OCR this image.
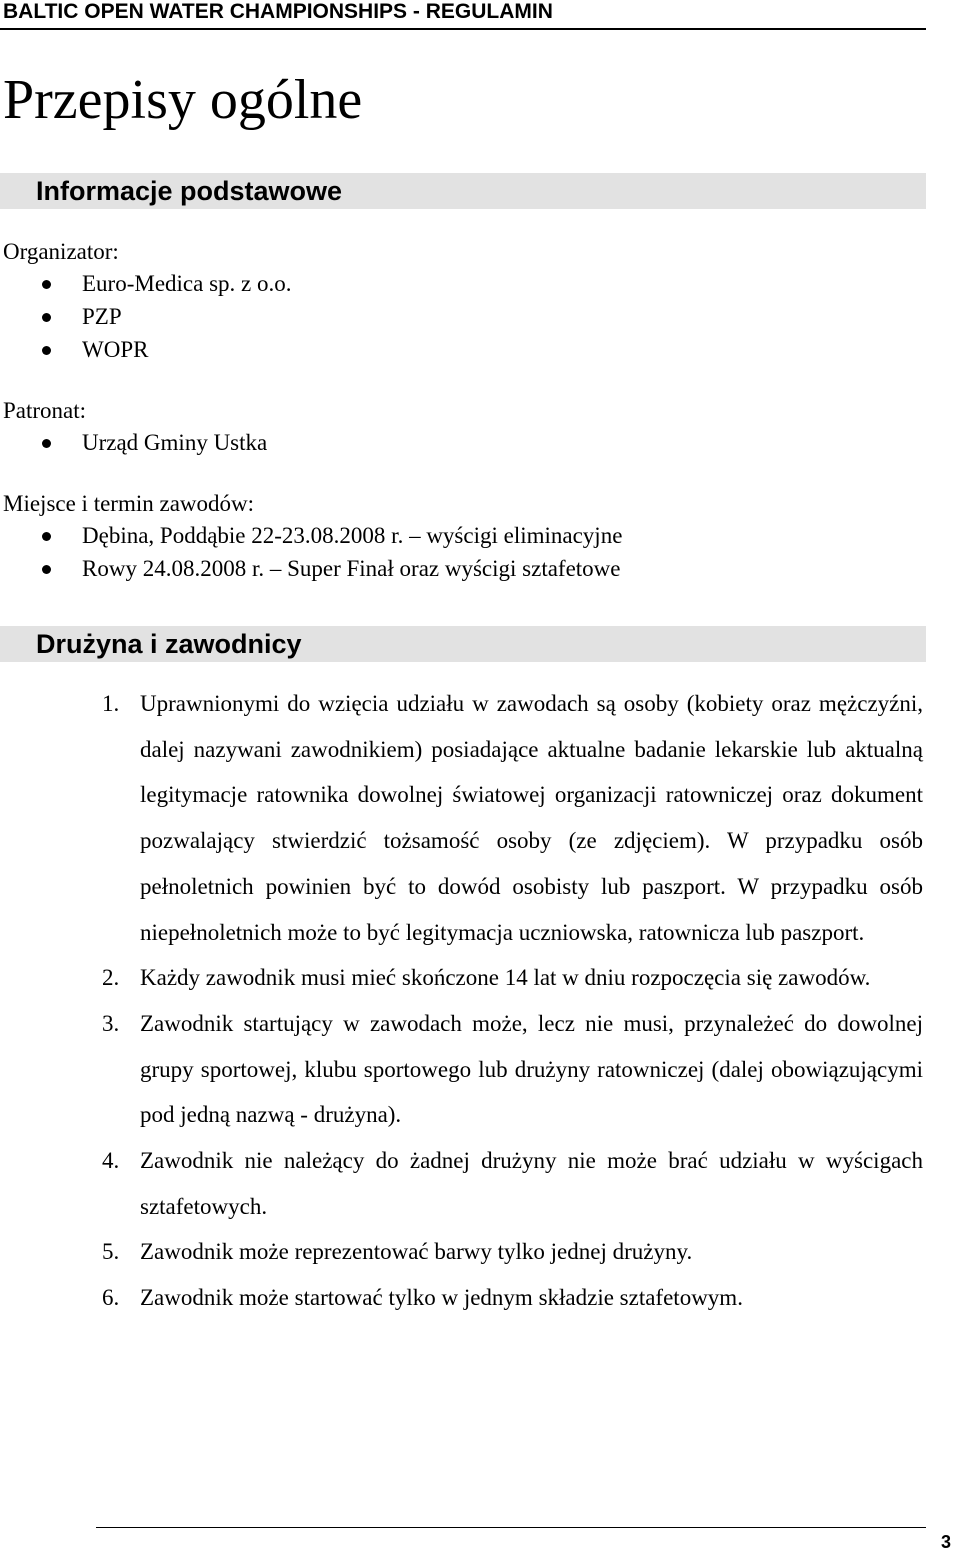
BALTIC OPEN WATER CHAMPIONSHIPS - REGULAMIN
Przepisy ogólne
Informacje podstawowe
Organizator:
Euro-Medica sp. z o.o.
PZP
WOPR
Patronat:
Urząd Gminy Ustka
Miejsce i termin zawodów:
Dębina, Poddąbie 22-23.08.2008 r. – wyścigi eliminacyjne
Rowy 24.08.2008 r. – Super Finał oraz wyścigi sztafetowe
Drużyna i zawodnicy
1. Uprawnionymi do wzięcia udziału w zawodach są osoby (kobiety oraz mężczyźni, dalej nazywani zawodnikiem) posiadające aktualne badanie lekarskie lub aktualną legitymacje ratownika dowolnej światowej organizacji ratowniczej oraz dokument pozwalający stwierdzić tożsamość osoby (ze zdjęciem). W przypadku osób pełnoletnich powinien być to dowód osobisty lub paszport. W przypadku osób niepełnoletnich może to być legitymacja uczniowska, ratownicza lub paszport.
2. Każdy zawodnik musi mieć skończone 14 lat w dniu rozpoczęcia się zawodów.
3. Zawodnik startujący w zawodach może, lecz nie musi, przynależeć do dowolnej grupy sportowej, klubu sportowego lub drużyny ratowniczej (dalej obowiązującymi pod jedną nazwą - drużyna).
4. Zawodnik nie należący do żadnej drużyny nie może brać udziału w wyścigach sztafetowych.
5. Zawodnik może reprezentować barwy tylko jednej drużyny.
6. Zawodnik może startować tylko w jednym składzie sztafetowym.
3
